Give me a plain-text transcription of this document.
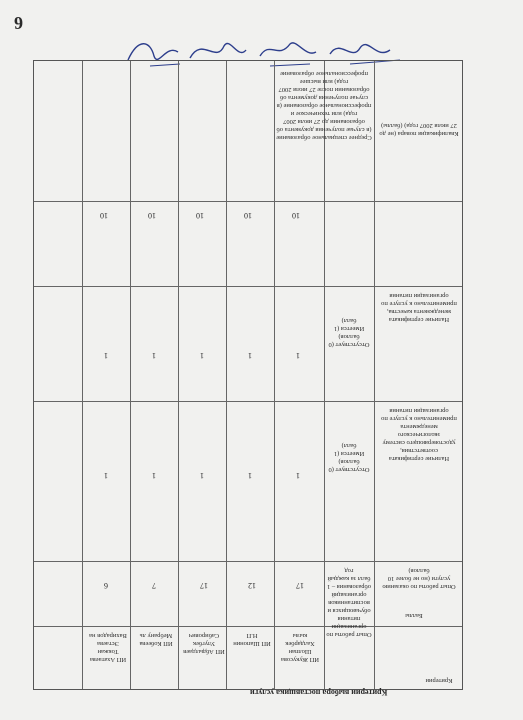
6
Баллы
Критерии
ИП Жукусова Шолпан Халдарбек кызы
ИП Шапонин Н.П
ИП Абдылдаев Улугбек Сабирович
ИП Кобеева Мебрану ль
ИП Ахатаева Токжан Эстаева Вахирадов на
Опыт работы по оказанию услуги (но не более 10 баллов)
Опыт работы по организации питания обучающихся и воспитанников организаций образования – 1 балл за каждый год
17
12
17
7
6
Наличие сертификата соответствия, удостоверяющего систему экологического менеджмента применительно к услуге по организации питания
Отсутствует (0 баллов) Имеется (1 балл)
1
1
1
1
1
Наличие сертификата менеджмента качества, применительно к услуге по организации питания
Отсутствует (0 баллов) Имеется (1 балл)
1
1
1
1
1
Квалификация повара (не до 27 июля 2007 года) (баллы)
Среднее специальное образование (в случае получения документа об образовании до 27 июля 2007 года) или техническое и профессиональное образование (в случае получения документа об образовании после 27 июля 2007 года) или высшее профессиональное образование
10
10
10
10
10
Критерии выбора поставщика услуги
